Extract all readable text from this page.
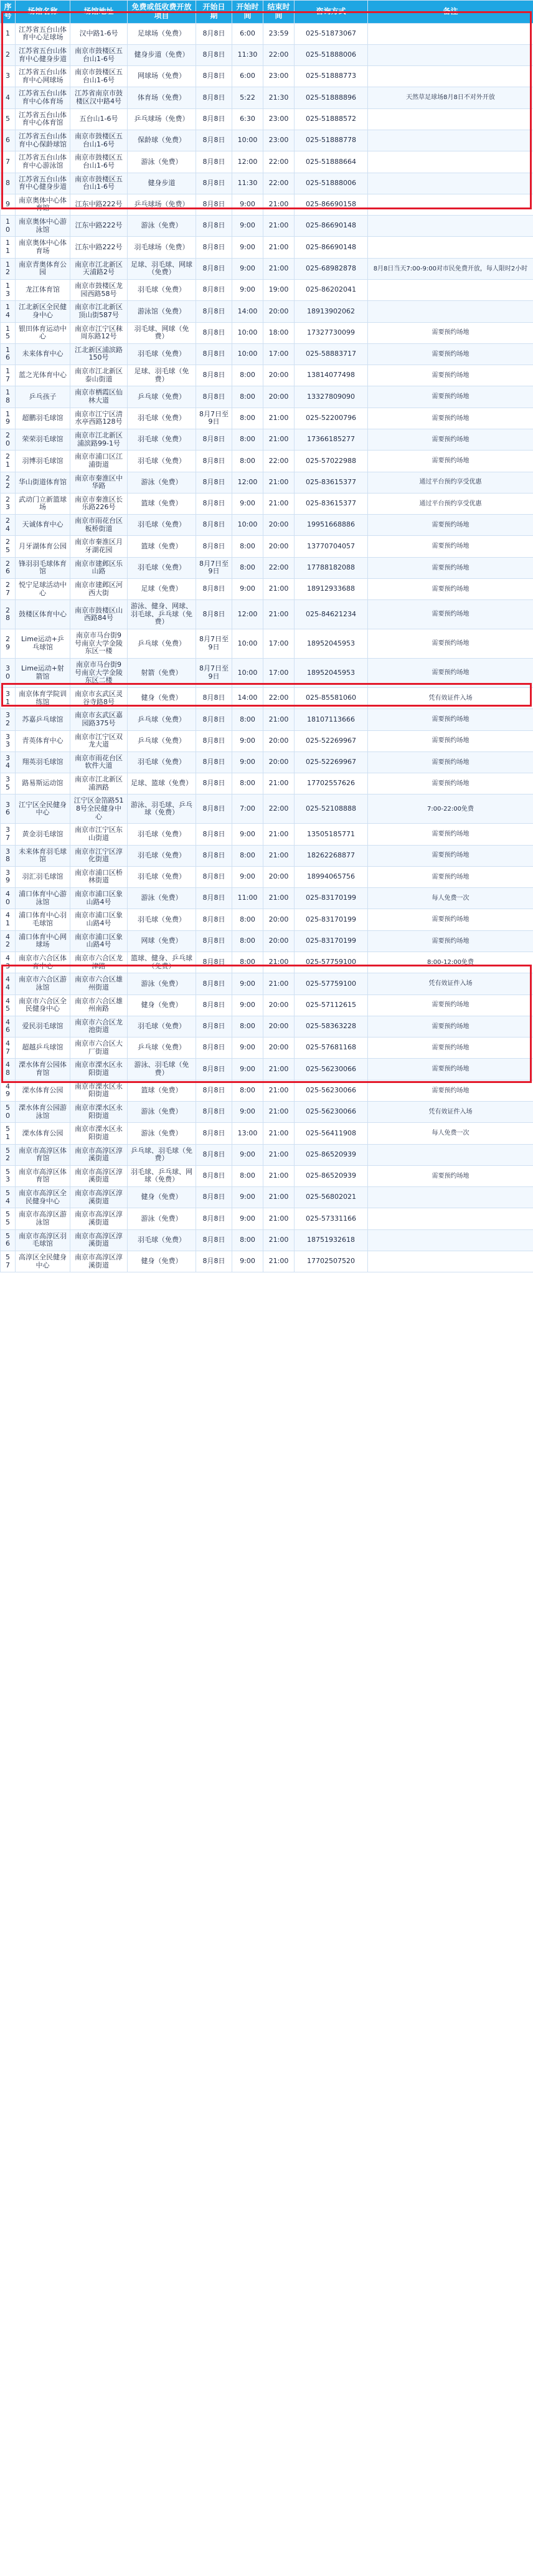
序号	场馆名称	场馆地址	免费或低收费开放项目	开始日期	开始时间	结束时间	咨询方式	备注
1	江苏省五台山体育中心足球场	汉中路1-6号	足球场（免费）	8月8日	6:00	23:59	025-51873067	
2	江苏省五台山体育中心健身步道	南京市鼓楼区五台山1-6号	健身步道（免费）	8月8日	11:30	22:00	025-51888006	
3	江苏省五台山体育中心网球场	南京市鼓楼区五台山1-6号	网球场（免费）	8月8日	6:00	23:00	025-51888773	
4	江苏省五台山体育中心体育场	江苏省南京市鼓楼区汉中路4号	体育场（免费）	8月8日	5:22	21:30	025-51888896	天然草足球场8月8日不对外开放
5	江苏省五台山体育中心体育馆	五台山1-6号	乒乓球场（免费）	8月8日	6:30	23:00	025-51888572	
6	江苏省五台山体育中心保龄球馆	南京市鼓楼区五台山1-6号	保龄球（免费）	8月8日	10:00	23:00	025-51888778	
7	江苏省五台山体育中心游泳馆	南京市鼓楼区五台山1-6号	游泳（免费）	8月8日	12:00	22:00	025-51888664	
8	江苏省五台山体育中心健身步道	南京市鼓楼区五台山1-6号	健身步道	8月8日	11:30	22:00	025-51888006	
9	南京奥体中心体育馆	江东中路222号	乒乓球场（免费）	8月8日	9:00	21:00	025-86690158	
10	南京奥体中心游泳馆	江东中路222号	游泳（免费）	8月8日	9:00	21:00	025-86690148	
11	南京奥体中心体育场	江东中路222号	羽毛球场（免费）	8月8日	9:00	21:00	025-86690148	
12	南京青奥体育公园	南京市江北新区天浦路2号	足球、羽毛球、网球（免费）	8月8日	9:00	21:00	025-68982878	8月8日当天7:00-9:00对市民免费开放，每人限时2小时
13	龙江体育馆	南京市鼓楼区龙园西路58号	羽毛球（免费）	8月8日	9:00	19:00	025-86202041	
14	江北新区全民健身中心	南京市江北新区顶山街587号	游泳馆（免费）	8月8日	14:00	20:00	18913902062	
15	银田体育运动中心	南京市江宁区秣周东路12号	羽毛球、网球（免费）	8月8日	10:00	18:00	17327730099	需要预约场地
16	未来体育中心	江北新区浦滨路150号	羽毛球（免费）	8月8日	10:00	17:00	025-58883717	需要预约场地
17	蓝之光体育中心	南京市江北新区泰山街道	足球、羽毛球（免费）	8月8日	8:00	20:00	13814077498	需要预约场地
18	乒乓孩子	南京市栖霞区仙林大道	乒乓球（免费）	8月8日	8:00	20:00	13327809090	需要预约场地
19	超鹏羽毛球馆	南京市江宁区清水亭西路128号	羽毛球（免费）	8月7日至9日	8:00	21:00	025-52200796	需要预约场地
20	荣荣羽毛球馆	南京市江北新区浦滨路99-1号	羽毛球（免费）	8月8日	8:00	21:00	17366185277	需要预约场地
21	羽博羽毛球馆	南京市浦口区江浦街道	羽毛球（免费）	8月8日	8:00	22:00	025-57022988	需要预约场地
22	华山街道体育馆	南京市秦淮区中华路	游泳（免费）	8月8日	12:00	21:00	025-83615377	通过平台预约享受优惠
23	武动门立新篮球场	南京市秦淮区长乐路226号	篮球（免费）	8月8日	9:00	21:00	025-83615377	通过平台预约享受优惠
24	天诚体育中心	南京市雨花台区板桥街道	羽毛球（免费）	8月8日	10:00	20:00	19951668886	需要预约场地
25	月牙湖体育公园	南京市秦淮区月牙湖花园	篮球（免费）	8月8日	8:00	20:00	13770704057	需要预约场地
26	锋羽羽毛球体育馆	南京市建邺区乐山路	羽毛球（免费）	8月7日至9日	8:00	22:00	17788182088	需要预约场地
27	悦宁足球活动中心	南京市建邺区河西大街	足球（免费）	8月8日	9:00	21:00	18912933688	需要预约场地
28	鼓楼区体育中心	南京市鼓楼区山西路84号	游泳、健身、网球、羽毛球、乒乓球（免费）	8月8日	12:00	21:00	025-84621234	需要预约场地
29	Lime运动+乒乓球馆	南京市马台街9号南京大学金陵东区一楼	乒乓球（免费）	8月7日至9日	10:00	17:00	18952045953	需要预约场地
30	Lime运动+射箭馆	南京市马台街9号南京大学金陵东区二楼	射箭（免费）	8月7日至9日	10:00	17:00	18952045953	需要预约场地
31	南京体育学院训练馆	南京市玄武区灵谷寺路8号	健身（免费）	8月8日	14:00	22:00	025-85581060	凭有效证件入场
32	苏嘉乒乓球馆	南京市玄武区嘉园路375号	乒乓球（免费）	8月8日	8:00	21:00	18107113666	需要预约场地
33	青英体育中心	南京市江宁区双龙大道	乒乓球（免费）	8月8日	9:00	20:00	025-52269967	需要预约场地
34	翔英羽毛球馆	南京市雨花台区软件大道	羽毛球（免费）	8月8日	9:00	20:00	025-52269967	需要预约场地
35	路易斯运动馆	南京市江北新区浦泗路	足球、篮球（免费）	8月8日	8:00	21:00	17702557626	需要预约场地
36	江宁区全民健身中心	江宁区金箔路518号全民健身中心	游泳、羽毛球、乒乓球（免费）	8月8日	7:00	22:00	025-52108888	7:00-22:00免费
37	黄金羽毛球馆	南京市江宁区东山街道	羽毛球（免费）	8月8日	9:00	21:00	13505185771	需要预约场地
38	未来体育羽毛球馆	南京市江宁区淳化街道	羽毛球（免费）	8月8日	8:00	21:00	18262268877	需要预约场地
39	羽汇羽毛球馆	南京市浦口区桥林街道	羽毛球（免费）	8月8日	9:00	20:00	18994065756	需要预约场地
40	浦口体育中心游泳馆	南京市浦口区象山路4号	游泳（免费）	8月8日	11:00	21:00	025-83170199	每人免费一次
41	浦口体育中心羽毛球馆	南京市浦口区象山路4号	羽毛球（免费）	8月8日	8:00	20:00	025-83170199	需要预约场地
42	浦口体育中心网球场	南京市浦口区象山路4号	网球（免费）	8月8日	8:00	20:00	025-83170199	需要预约场地
43	南京市六合区体育中心	南京市六合区龙津路	篮球、健身、乒乓球（免费）	8月8日	8:00	21:00	025-57759100	8:00-12:00免费
44	南京市六合区游泳馆	南京市六合区雄州街道	游泳（免费）	8月8日	9:00	21:00	025-57759100	凭有效证件入场
45	南京市六合区全民健身中心	南京市六合区雄州南路	健身（免费）	8月8日	9:00	20:00	025-57112615	需要预约场地
46	爱民羽毛球馆	南京市六合区龙池街道	羽毛球（免费）	8月8日	8:00	20:00	025-58363228	需要预约场地
47	超越乒乓球馆	南京市六合区大厂街道	乒乓球（免费）	8月8日	9:00	20:00	025-57681168	需要预约场地
48	溧水体育公园体育馆	南京市溧水区永阳街道	游泳、羽毛球（免费）	8月8日	9:00	21:00	025-56230066	需要预约场地
49	溧水体育公园	南京市溧水区永阳街道	篮球（免费）	8月8日	8:00	21:00	025-56230066	需要预约场地
50	溧水体育公园游泳馆	南京市溧水区永阳街道	游泳（免费）	8月8日	9:00	21:00	025-56230066	凭有效证件入场
51	溧水体育公园	南京市溧水区永阳街道	游泳（免费）	8月8日	13:00	21:00	025-56411908	每人免费一次
52	南京市高淳区体育馆	南京市高淳区淳溪街道	乒乓球、羽毛球（免费）	8月8日	9:00	21:00	025-86520939	
53	南京市高淳区体育馆	南京市高淳区淳溪街道	羽毛球、乒乓球、网球（免费）	8月8日	8:00	21:00	025-86520939	需要预约场地
54	南京市高淳区全民健身中心	南京市高淳区淳溪街道	健身（免费）	8月8日	9:00	21:00	025-56802021	
55	南京市高淳区游泳馆	南京市高淳区淳溪街道	游泳（免费）	8月8日	9:00	21:00	025-57331166	
56	南京市高淳区羽毛球馆	南京市高淳区淳溪街道	羽毛球（免费）	8月8日	8:00	21:00	18751932618	
57	高淳区全民健身中心	南京市高淳区淳溪街道	健身（免费）	8月8日	9:00	21:00	17702507520	
